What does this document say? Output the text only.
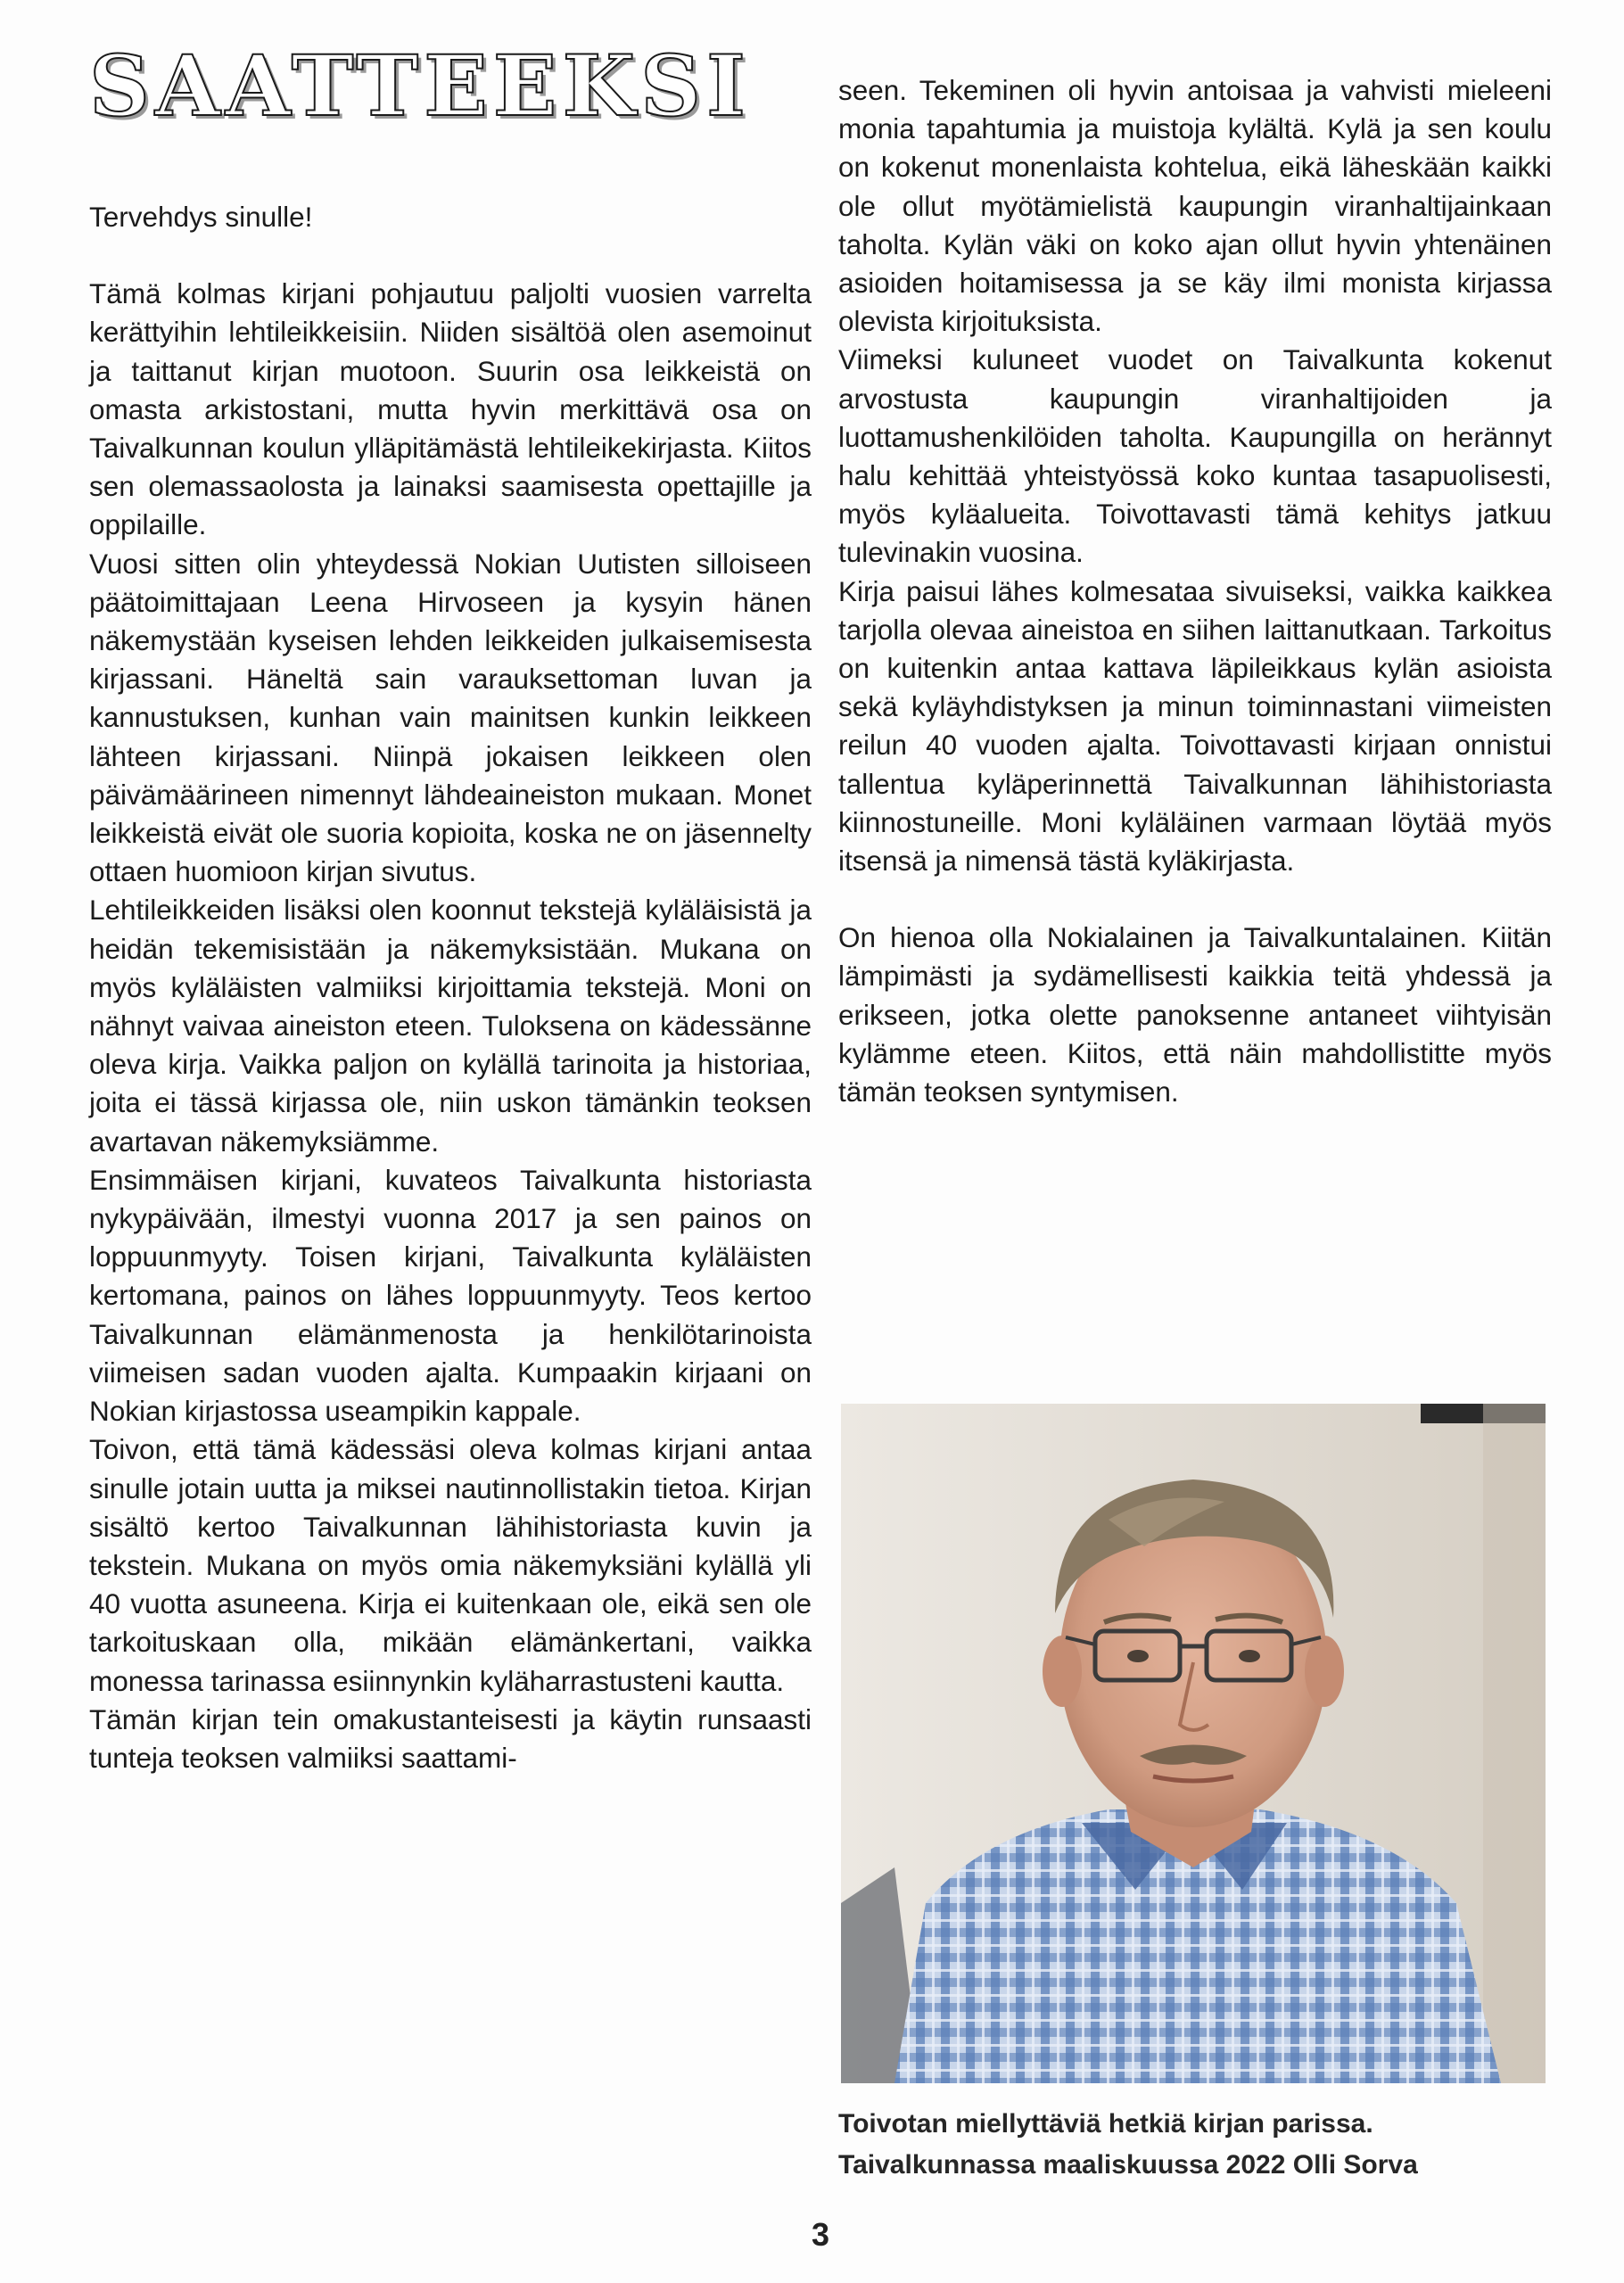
SAATTEEKSI

Tervehdys sinulle!

Tämä kolmas kirjani pohjautuu paljolti vuosien varrelta kerättyihin lehtileikkeisiin. Niiden sisältöä olen asemoinut ja taittanut kirjan muotoon. Suurin osa leikkeistä on omasta arkistostani, mutta hyvin merkittävä osa on Taivalkunnan koulun ylläpitämästä lehtileikekirjasta. Kiitos sen olemassaolosta ja lainaksi saamisesta opettajille ja oppilaille.

Vuosi sitten olin yhteydessä Nokian Uutisten silloiseen päätoimittajaan Leena Hirvoseen ja kysyin hänen näkemystään kyseisen lehden leikkeiden julkaisemisesta kirjassani. Häneltä sain varauksettoman luvan ja kannustuksen, kunhan vain mainitsen kunkin leikkeen lähteen kirjassani. Niinpä jokaisen leikkeen olen päivämäärineen nimennyt lähdeaineiston mukaan. Monet leikkeistä eivät ole suoria kopioita, koska ne on jäsennelty ottaen huomioon kirjan sivutus.

Lehtileikkeiden lisäksi olen koonnut tekstejä kyläläisistä ja heidän tekemisistään ja näkemyksistään. Mukana on myös kyläläisten valmiiksi kirjoittamia tekstejä. Moni on nähnyt vaivaa aineiston eteen. Tuloksena on kädessänne oleva kirja. Vaikka paljon on kylällä tarinoita ja historiaa, joita ei tässä kirjassa ole, niin uskon tämänkin teoksen avartavan näkemyksiämme.

Ensimmäisen kirjani, kuvateos Taivalkunta historiasta nykypäivään, ilmestyi vuonna 2017 ja sen painos on loppuunmyyty. Toisen kirjani, Taivalkunta kyläläisten kertomana, painos on lähes loppuunmyyty. Teos kertoo Taivalkunnan elämänmenosta ja henkilötarinoista viimeisen sadan vuoden ajalta. Kumpaakin kirjaani on Nokian kirjastossa useampikin kappale.

Toivon, että tämä kädessäsi oleva kolmas kirjani antaa sinulle jotain uutta ja miksei nautinnollistakin tietoa. Kirjan sisältö kertoo Taivalkunnan lähihistoriasta kuvin ja tekstein. Mukana on myös omia näkemyksiäni kylällä yli 40 vuotta asuneena. Kirja ei kuitenkaan ole, eikä sen ole tarkoituskaan olla, mikään elämänkertani, vaikka monessa tarinassa esiinnynkin kyläharrastusteni kautta.

Tämän kirjan tein omakustanteisesti ja käytin runsaasti tunteja teoksen valmiiksi saattami-

seen. Tekeminen oli hyvin antoisaa ja vahvisti mieleeni monia tapahtumia ja muistoja kylältä. Kylä ja sen koulu on kokenut monenlaista kohtelua, eikä läheskään kaikki ole ollut myötämielistä kaupungin viranhaltijainkaan taholta. Kylän väki on koko ajan ollut hyvin yhtenäinen asioiden hoitamisessa ja se käy ilmi monista kirjassa olevista kirjoituksista.

Viimeksi kuluneet vuodet on Taivalkunta kokenut arvostusta kaupungin viranhaltijoiden ja luottamushenkilöiden taholta. Kaupungilla on herännyt halu kehittää yhteistyössä koko kuntaa tasapuolisesti, myös kyläalueita. Toivottavasti tämä kehitys jatkuu tulevinakin vuosina.

Kirja paisui lähes kolmesataa sivuiseksi, vaikka kaikkea tarjolla olevaa aineistoa en siihen laittanutkaan. Tarkoitus on kuitenkin antaa kattava läpileikkaus kylän asioista sekä kyläyhdistyksen ja minun toiminnastani viimeisten reilun 40 vuoden ajalta. Toivottavasti kirjaan onnistui tallentua kyläperinnettä Taivalkunnan lähihistoriasta kiinnostuneille. Moni kyläläinen varmaan löytää myös itsensä ja nimensä tästä kyläkirjasta.

On hienoa olla Nokialainen ja Taivalkuntalainen. Kiitän lämpimästi ja sydämellisesti kaikkia teitä yhdessä ja erikseen, jotka olette panoksenne antaneet viihtyisän kylämme eteen. Kiitos, että näin mahdollistitte myös tämän teoksen syntymisen.

Toivotan miellyttäviä hetkiä kirjan parissa.
Taivalkunnassa maaliskuussa 2022 Olli Sorva
3
